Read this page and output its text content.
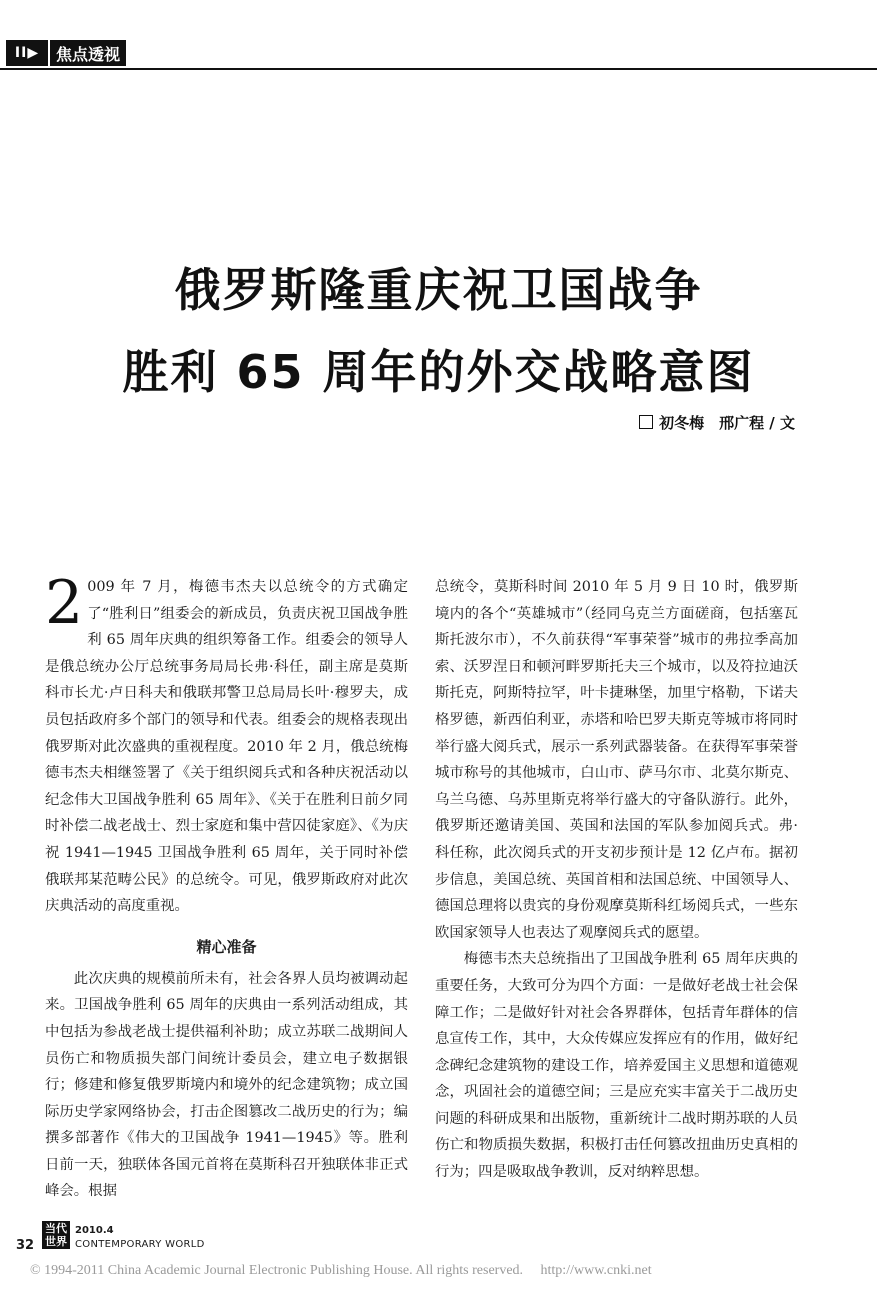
II▶	焦点透视
俄罗斯隆重庆祝卫国战争
胜利 65 周年的外交战略意图
初冬梅　邢广程 / 文

2 009 年 7 月，梅德韦杰夫以总统令的方式确定了“胜利日”组委会的新成员，负责庆祝卫国战争胜利 65 周年庆典的组织筹备工作。组委会的领导人是俄总统办公厅总统事务局局长弗·科任，副主席是莫斯科市长尤·卢日科夫和俄联邦警卫总局局长叶·穆罗夫，成员包括政府多个部门的领导和代表。组委会的规格表现出俄罗斯对此次盛典的重视程度。2010 年 2 月，俄总统梅德韦杰夫相继签署了《关于组织阅兵式和各种庆祝活动以纪念伟大卫国战争胜利 65 周年》、《关于在胜利日前夕同时补偿二战老战士、烈士家庭和集中营囚徒家庭》、《为庆祝 1941—1945 卫国战争胜利 65 周年，关于同时补偿俄联邦某范畴公民》的总统令。可见，俄罗斯政府对此次庆典活动的高度重视。

精心准备

此次庆典的规模前所未有，社会各界人员均被调动起来。卫国战争胜利 65 周年的庆典由一系列活动组成，其中包括为参战老战士提供福利补助；成立苏联二战期间人员伤亡和物质损失部门间统计委员会，建立电子数据银行；修建和修复俄罗斯境内和境外的纪念建筑物；成立国际历史学家网络协会，打击企图篡改二战历史的行为；编撰多部著作《伟大的卫国战争 1941—1945》等。胜利日前一天，独联体各国元首将在莫斯科召开独联体非正式峰会。根据

总统令，莫斯科时间 2010 年 5 月 9 日 10 时，俄罗斯境内的各个“英雄城市”（经同乌克兰方面磋商，包括塞瓦斯托波尔市），不久前获得“军事荣誉”城市的弗拉季高加索、沃罗涅日和顿河畔罗斯托夫三个城市，以及符拉迪沃斯托克，阿斯特拉罕，叶卡捷琳堡，加里宁格勒，下诺夫格罗德，新西伯利亚，赤塔和哈巴罗夫斯克等城市将同时举行盛大阅兵式，展示一系列武器装备。在获得军事荣誉城市称号的其他城市，白山市、萨马尔市、北莫尔斯克、乌兰乌德、乌苏里斯克将举行盛大的守备队游行。此外，俄罗斯还邀请美国、英国和法国的军队参加阅兵式。弗·科任称，此次阅兵式的开支初步预计是 12 亿卢布。据初步信息，美国总统、英国首相和法国总统、中国领导人、德国总理将以贵宾的身份观摩莫斯科红场阅兵式，一些东欧国家领导人也表达了观摩阅兵式的愿望。

梅德韦杰夫总统指出了卫国战争胜利 65 周年庆典的重要任务，大致可分为四个方面：一是做好老战士社会保障工作；二是做好针对社会各界群体，包括青年群体的信息宣传工作，其中，大众传媒应发挥应有的作用，做好纪念碑纪念建筑物的建设工作，培养爱国主义思想和道德观念，巩固社会的道德空间；三是应充实丰富关于二战历史问题的科研成果和出版物，重新统计二战时期苏联的人员伤亡和物质损失数据，积极打击任何篡改扭曲历史真相的行为；四是吸取战争教训，反对纳粹思想。

32
当代
世界
2010.4
CONTEMPORARY WORLD
© 1994-2011 China Academic Journal Electronic Publishing House. All rights reserved.　 http://www.cnki.net
